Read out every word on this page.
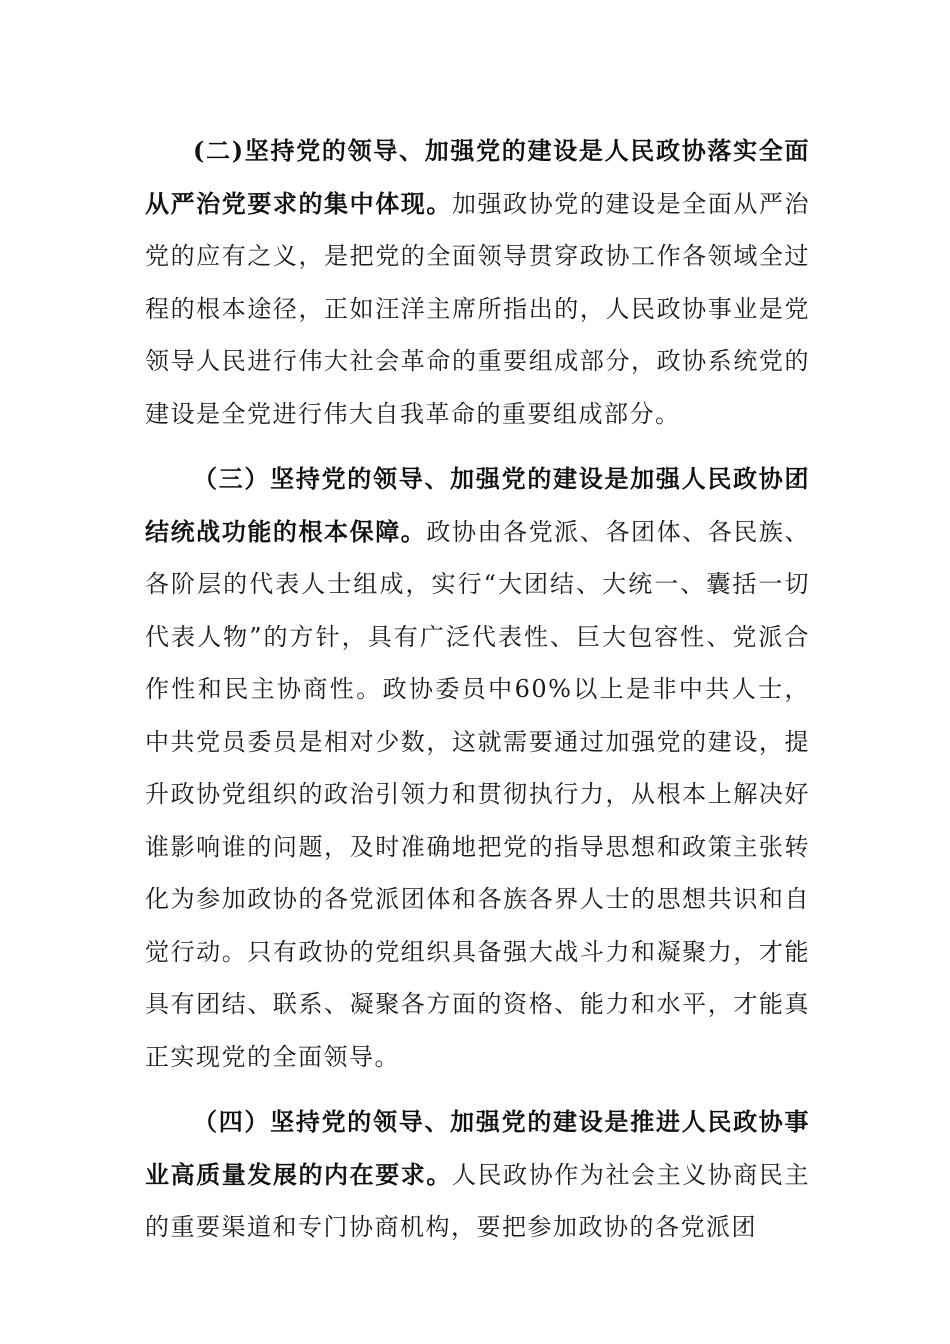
(二)坚持党的领导、加强党的建设是人民政协落实全面从严治党要求的集中体现。加强政协党的建设是全面从严治党的应有之义，是把党的全面领导贯穿政协工作各领域全过程的根本途径，正如汪洋主席所指出的，人民政协事业是党领导人民进行伟大社会革命的重要组成部分，政协系统党的建设是全党进行伟大自我革命的重要组成部分。

（三）坚持党的领导、加强党的建设是加强人民政协团结统战功能的根本保障。政协由各党派、各团体、各民族、各阶层的代表人士组成，实行“大团结、大统一、囊括一切代表人物”的方针，具有广泛代表性、巨大包容性、党派合作性和民主协商性。政协委员中60%以上是非中共人士，中共党员委员是相对少数，这就需要通过加强党的建设，提升政协党组织的政治引领力和贯彻执行力，从根本上解决好谁影响谁的问题，及时准确地把党的指导思想和政策主张转化为参加政协的各党派团体和各族各界人士的思想共识和自觉行动。只有政协的党组织具备强大战斗力和凝聚力，才能具有团结、联系、凝聚各方面的资格、能力和水平，才能真正实现党的全面领导。

（四）坚持党的领导、加强党的建设是推进人民政协事业高质量发展的内在要求。人民政协作为社会主义协商民主的重要渠道和专门协商机构，要把参加政协的各党派团
